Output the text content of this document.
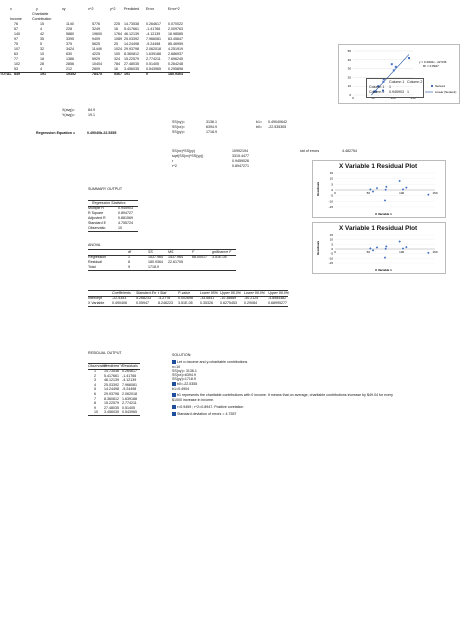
x	y	xy	x^2	y^2 Predicted Error	Error^2
Charitable
Income	Contribution
76	15	1140	5776	225 14.73538 0.264617 0.070022
57	4	228	3249	16 5.417661 -1.41766 2.009763
140	42	5880	19600	1764 46.12139 -4.12139 16.98585
97	35	3395	9409	1089 25.03392 7.966081 63.45847
75	5	375	5625	25 14.24498 -9.24498 85.46959
107	32	3424	11449	1024 29.93798 2.062018 4.251919
63	10	630	4225	100 8.360812 1.639188 2.686937
77	18	1386	5929	324 15.22579 2.774211 7.696245
102	28	2856	10404	784 27.48035 0.51405	0.264248
53	4	212	2809	16 3.456035 0.543965 0.295898
TOTAL 849	191	19352	78475	5367 191	0	180.9364
0
10
20
30
40
50
0	50	100	150
y = 0.4904x - 22.536
R² = 0.8947
Series1
Linear (Series1)
Column 1 Column 2
Column 1 1
Column 2 0.945903 1
X(avg)=	84.9
Y(avg)=	19.1
SS(xy)=	3136.1
SS(xx)=	6394.9
SS(yy)=	1718.9
b1= 0.49040642
b0= -22.535305
Regression Equation =	0.49040b-22.5355
SS(xx)*SS(yy)	10992194
sqrt(SS(xx)*SS(yy))	3315.4477
r	0.9459026
r^2	0.8947271
std of errors	4.482754
X Variable 1 Residual Plot
15
10
5
0
-5
-10
-15
0	50	100	150
X Variable 1
Residuals
X Variable 1 Residual Plot
15
10
5
0
-5
-10
-15
0	50	100	150
X Variable 1
Residuals
SUMMARY OUTPUT
Regression Statistics
Multiple R	0.945903
R Square	0.894727
Adjusted R	0.881569
Standard E	4.755724
Observatio	10
ANOVA
df	SS	MS	F	gnificance F
Regression	1	1537.964 1537.964	68.00017 3.51E-05
Residual	8	180.9364 22.61705
Total	9	1718.9
Coefficients Standard Err t Stat	P-value	Lower 95% Upper 95.0% Lower 99.0% Upper 99.0%
Intercept	-22.5353	5.268233 -4.2776 0.002698 -34.6841 -10.38689 -40.2125	-4.8584482
X Variable 0.490406	0.05947	8.246223 3.51E-05 0.35326 0.6275453 0.29084	0.68995277
RESIDUAL OUTPUT
Observation
Predicted Y Residuals
1 14.73538 0.264617
2 5.417661 -1.41766
3 46.12139 -4.12139
4 25.03392 7.966081
5 14.24498 -9.24498
6 29.93798 2.062018
7 8.360812 1.639188
8 15.22579 2.774211
9 27.48035 0.51405
10 3.456035 0.543965
SOLUTION:
Let x=income and y=charitable contributions
n=10
SS(xy)= 3136.1
SS(xx)=6394.9
SS(yy)=1718.9
b0=-22.5355
b1=0.4904
b1 represents the charitable contributions with 0 income. It means that on average, charitable contributions increase by $49.04 for every
$1000 increase in income.
r=0.9459 ; r^2=0.8947. Positive corelation
Standard deviation of errors = 4.7557
